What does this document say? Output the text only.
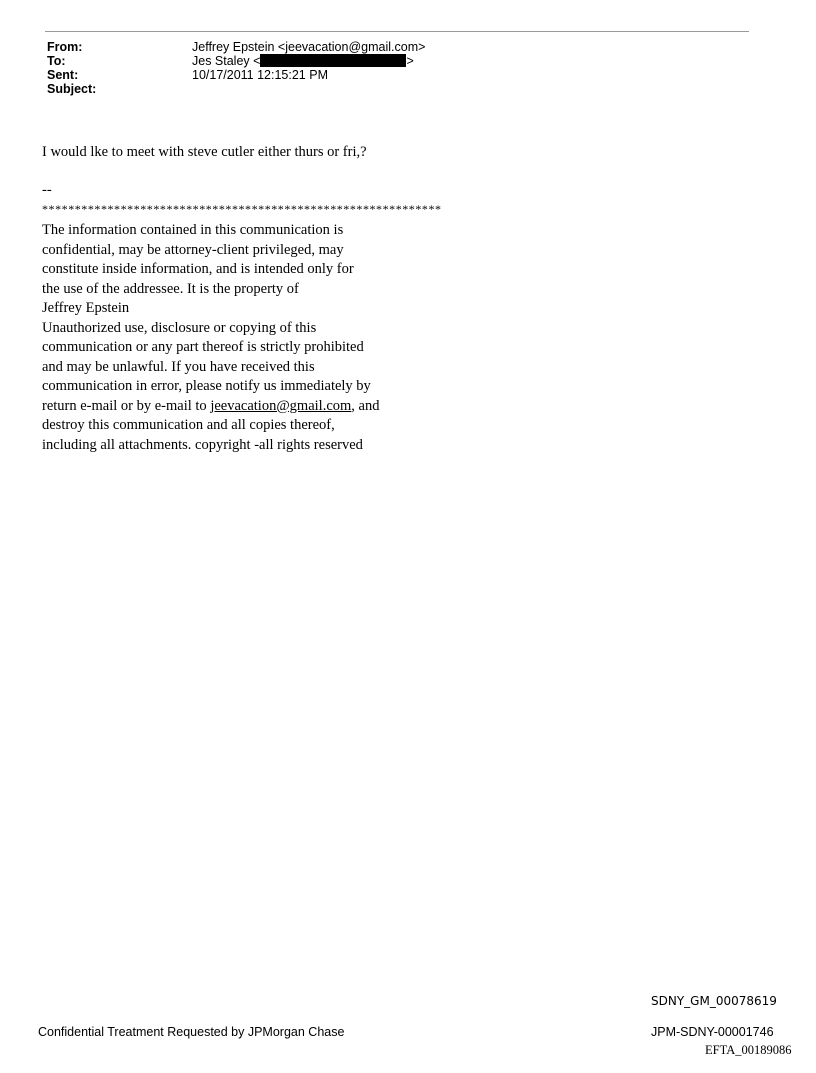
From:	Jeffrey Epstein <jeevacation@gmail.com>
To:	Jes Staley <	>
Sent:	10/17/2011 12:15:21 PM
Subject:
I would lke to meet with steve cutler either thurs or fri,?
--
*************************************************************
The information contained in this communication is
confidential, may be attorney-client privileged, may
constitute inside information, and is intended only for
the use of the addressee. It is the property of
Jeffrey Epstein
Unauthorized use, disclosure or copying of this
communication or any part thereof is strictly prohibited
and may be unlawful. If you have received this
communication in error, please notify us immediately by
return e-mail or by e-mail to jeevacation@gmail.com, and
destroy this communication and all copies thereof,
including all attachments. copyright -all rights reserved
SDNY_GM_00078619
Confidential Treatment Requested by JPMorgan Chase	JPM-SDNY-00001746
EFTA_00189086
